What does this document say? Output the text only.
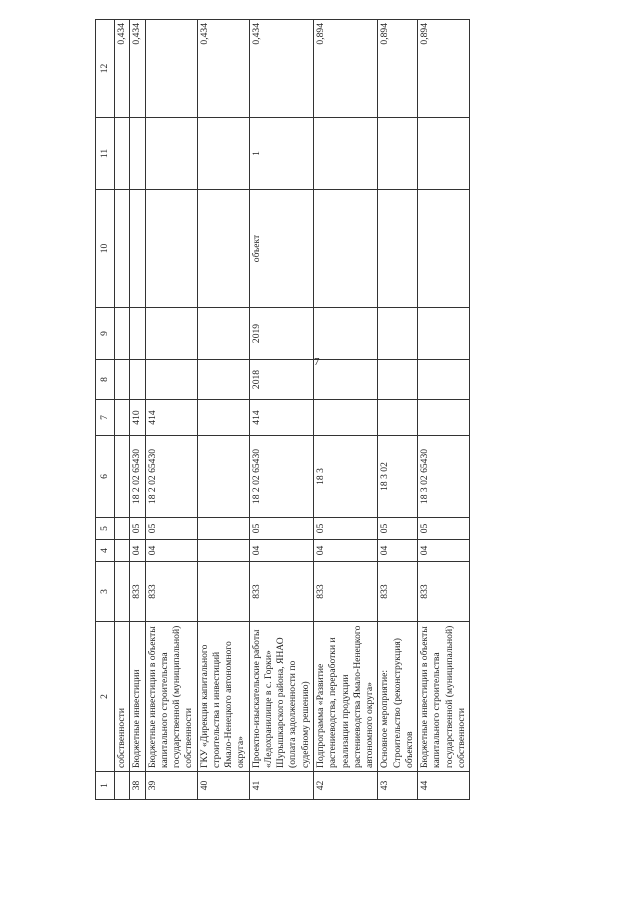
7
1	2	3	4	5	6	7	8	9	10	11	12
	собственности										0,434
38	Бюджетные инвестиции	833	04	05	18 2 02 65430	410					0,434
39	Бюджетные инвестиции в объекты капитального строительства государственной (муниципальной) собственности	833	04	05	18 2 02 65430	414					
40	ГКУ «Дирекция капитального строительства и инвестиций Ямало-Ненецкого автономного округа»										0,434
41	Проектно-изыскательские работы «Ледохранилище в с. Горки» Шурышкарского района, ЯНАО (оплата задолженности по судебному решению)	833	04	05	18 2 02 65430	414	2018	2019	объект	1	0,434
42	Подпрограмма «Развитие растениеводства, переработки и реализации продукции растениеводства Ямало-Ненецкого автономного округа»	833	04	05	18 3						0,894
43	Основное мероприятие: Строительство (реконструкция) объектов	833	04	05	18 3 02						0,894
44	Бюджетные инвестиции в объекты капитального строительства государственной (муниципальной) собственности	833	04	05	18 3 02 65430						0,894
